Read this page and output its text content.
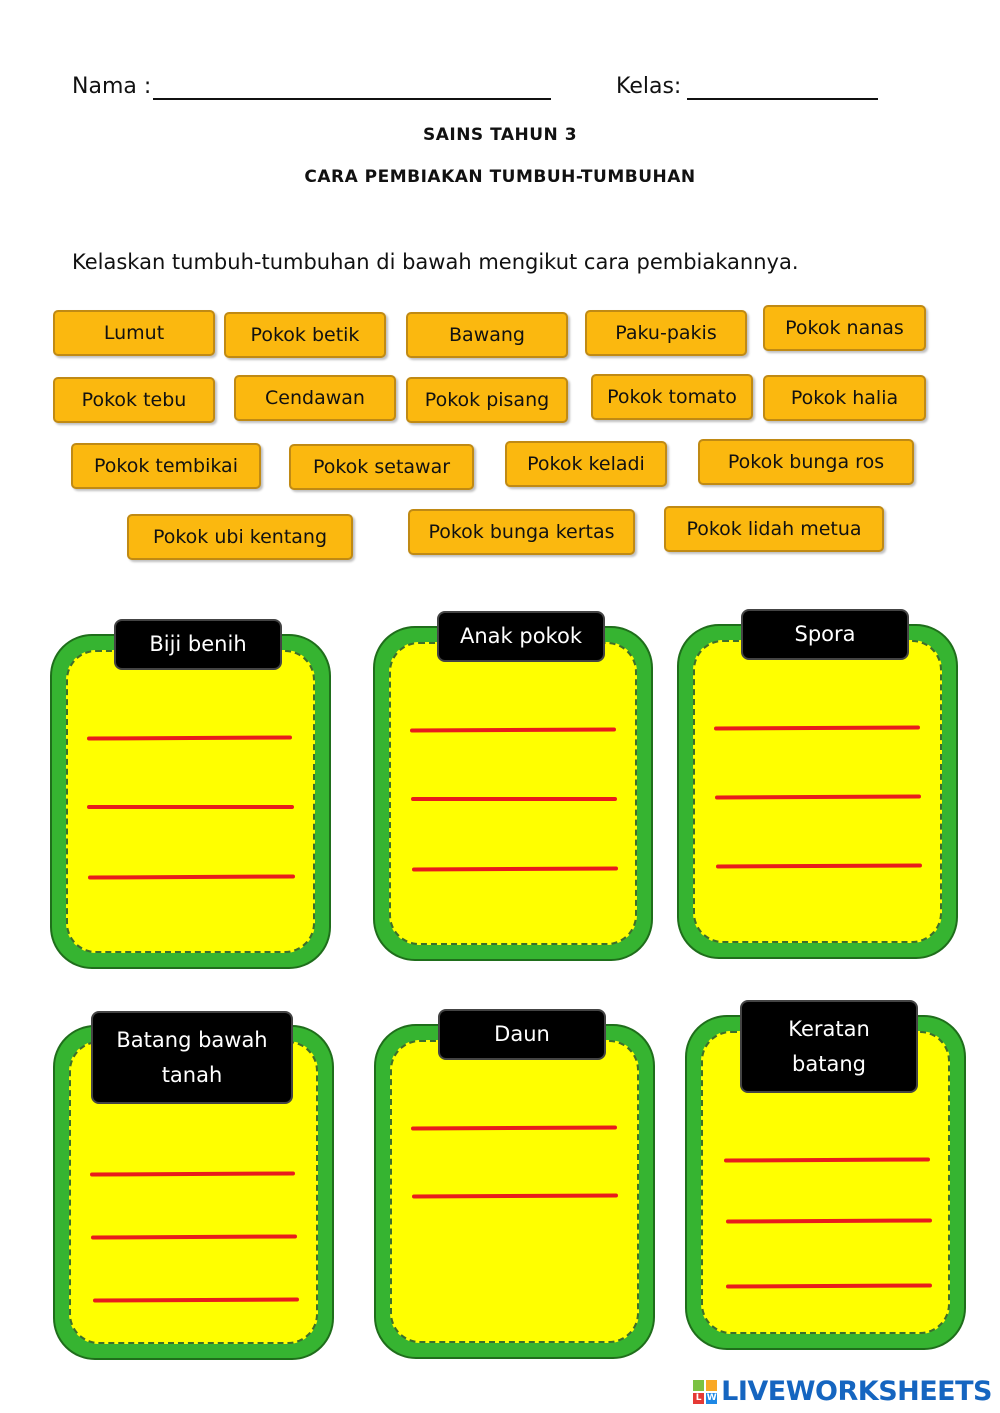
Nama :	Kelas:
SAINS TAHUN 3
CARA PEMBIAKAN TUMBUH-TUMBUHAN
Kelaskan tumbuh-tumbuhan di bawah mengikut cara pembiakannya.
Lumut	Pokok betik	Bawang	Paku-pakis	Pokok nanas
Pokok tebu	Cendawan	Pokok pisang	Pokok tomato	Pokok halia
Pokok tembikai	Pokok setawar	Pokok keladi	Pokok bunga ros
Pokok ubi kentang	Pokok bunga kertas	Pokok lidah metua
Biji benih	Anak pokok	Spora
Batang bawah tanah
Daun	Keratan batang
L W LIVEWORKSHEETS
